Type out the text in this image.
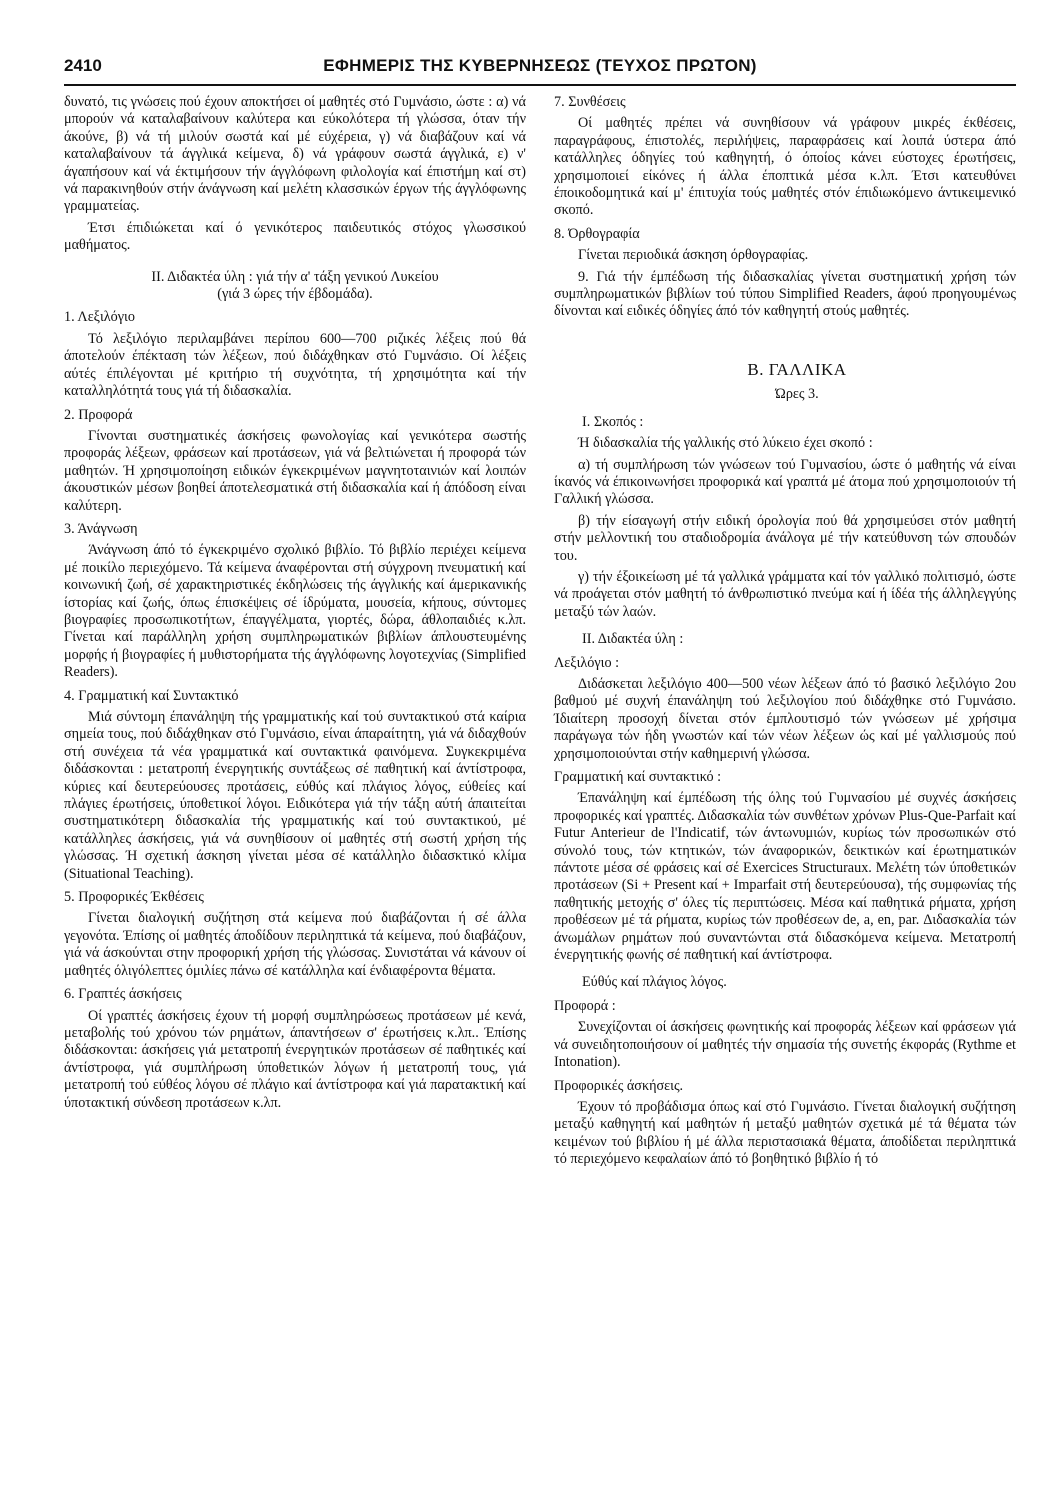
2410	ΕΦΗΜΕΡΙΣ ΤΗΣ ΚΥΒΕΡΝΗΣΕΩΣ (ΤΕΥΧΟΣ ΠΡΩΤΟΝ)

δυνατό, τις γνώσεις πού έχουν αποκτήσει οί μαθητές στό Γυμνάσιο, ώστε : α) νά μπορούν νά καταλαβαίνουν καλύτερα και εύκολότερα τή γλώσσα, όταν τήν άκούνε, β) νά τή μιλούν σωστά καί μέ εύχέρεια, γ) νά διαβάζουν καί νά καταλαβαίνουν τά άγγλικά κείμενα, δ) νά γράφουν σωστά άγγλικά, ε) ν' άγαπήσουν καί νά έκτιμήσουν τήν άγγλόφωνη φιλολογία καί έπιστήμη καί στ) νά παρακινηθούν στήν άνάγνωση καί μελέτη κλασσικών έργων τής άγγλόφωνης γραμματείας.

Έτσι έπιδιώκεται καί ό γενικότερος παιδευτικός στόχος γλωσσικού μαθήματος.

ΙΙ. Διδακτέα ύλη : γιά τήν α' τάξη γενικού Λυκείου

(γιά 3 ώρες τήν έβδομάδα).

1. Λεξιλόγιο

Τό λεξιλόγιο περιλαμβάνει περίπου 600—700 ριζικές λέξεις πού θά άποτελούν έπέκταση τών λέξεων, πού διδάχθηκαν στό Γυμνάσιο. Οί λέξεις αύτές έπιλέγονται μέ κριτήριο τή συχνότητα, τή χρησιμότητα καί τήν καταλληλότητά τους γιά τή διδασκαλία.

2. Προφορά

Γίνονται συστηματικές άσκήσεις φωνολογίας καί γενικότερα σωστής προφοράς λέξεων, φράσεων καί προτάσεων, γιά νά βελτιώνεται ή προφορά τών μαθητών. Ή χρησιμοποίηση ειδικών έγκεκριμένων μαγνητοταινιών καί λοιπών άκουστικών μέσων βοηθεί άποτελεσματικά στή διδασκαλία καί ή άπόδοση είναι καλύτερη.

3. Άνάγνωση

Άνάγνωση άπό τό έγκεκριμένο σχολικό βιβλίο. Τό βιβλίο περιέχει κείμενα μέ ποικίλο περιεχόμενο. Τά κείμενα άναφέρονται στή σύγχρονη πνευματική καί κοινωνική ζωή, σέ χαρακτηριστικές έκδηλώσεις τής άγγλικής καί άμερικανικής ίστορίας καί ζωής, όπως έπισκέψεις σέ ίδρύματα, μουσεία, κήπους, σύντομες βιογραφίες προσωπικοτήτων, έπαγγέλματα, γιορτές, δώρα, άθλοπαιδιές κ.λπ. Γίνεται καί παράλληλη χρήση συμπληρωματικών βιβλίων άπλουστευμένης μορφής ή βιογραφίες ή μυθιστορήματα τής άγγλόφωνης λογοτεχνίας (Simplified Readers).

4. Γραμματική καί Συντακτικό

Μιά σύντομη έπανάληψη τής γραμματικής καί τού συντακτικού στά καίρια σημεία τους, πού διδάχθηκαν στό Γυμνάσιο, είναι άπαραίτητη, γιά νά διδαχθούν στή συνέχεια τά νέα γραμματικά καί συντακτικά φαινόμενα. Συγκεκριμένα διδάσκονται : μετατροπή ένεργητικής συντάξεως σέ παθητική καί άντίστροφα, κύριες καί δευτερεύουσες προτάσεις, εύθύς καί πλάγιος λόγος, εύθείες καί πλάγιες έρωτήσεις, ύποθετικοί λόγοι. Ειδικότερα γιά τήν τάξη αύτή άπαιτείται συστηματικότερη διδασκαλία τής γραμματικής καί τού συντακτικού, μέ κατάλληλες άσκήσεις, γιά νά συνηθίσουν οί μαθητές στή σωστή χρήση τής γλώσσας. Ή σχετική άσκηση γίνεται μέσα σέ κατάλληλο διδασκτικό κλίμα (Situational Teaching).

5. Προφορικές Έκθέσεις

Γίνεται διαλογική συζήτηση στά κείμενα πού διαβάζονται ή σέ άλλα γεγονότα. Έπίσης οί μαθητές άποδίδουν περιληπτικά τά κείμενα, πού διαβάζουν, γιά νά άσκούνται στην προφορική χρήση τής γλώσσας. Συνιστάται νά κάνουν οί μαθητές όλιγόλεπτες όμιλίες πάνω σέ κατάλληλα καί ένδιαφέροντα θέματα.

6. Γραπτές άσκήσεις

Οί γραπτές άσκήσεις έχουν τή μορφή συμπληρώσεως προτάσεων μέ κενά, μεταβολής τού χρόνου τών ρημάτων, άπαντήσεων σ' έρωτήσεις κ.λπ.. Έπίσης διδάσκονται: άσκήσεις γιά μετατροπή ένεργητικών προτάσεων σέ παθητικές καί άντίστροφα, γιά συμπλήρωση ύποθετικών λόγων ή μετατροπή τους, γιά μετατροπή τού εύθέος λόγου σέ πλάγιο καί άντίστροφα καί γιά παρατακτική καί ύποτακτική σύνδεση προτάσεων κ.λπ.

7. Συνθέσεις

Οί μαθητές πρέπει νά συνηθίσουν νά γράφουν μικρές έκθέσεις, παραγράφους, έπιστολές, περιλήψεις, παραφράσεις καί λοιπά ύστερα άπό κατάλληλες όδηγίες τού καθηγητή, ό όποίος κάνει εύστοχες έρωτήσεις, χρησιμοποιεί είκόνες ή άλλα έποπτικά μέσα κ.λπ. Έτσι κατευθύνει έποικοδομητικά καί μ' έπιτυχία τούς μαθητές στόν έπιδιωκόμενο άντικειμενικό σκοπό.

8. Όρθογραφία

Γίνεται περιοδικά άσκηση όρθογραφίας.

9. Γιά τήν έμπέδωση τής διδασκαλίας γίνεται συστηματική χρήση τών συμπληρωματικών βιβλίων τού τύπου Simplified Readers, άφού προηγουμένως δίνονται καί ειδικές όδηγίες άπό τόν καθηγητή στούς μαθητές.

Β. ΓΑΛΛΙΚΑ

Ώρες 3.

Ι. Σκοπός :

Ή διδασκαλία τής γαλλικής στό λύκειο έχει σκοπό :

α) τή συμπλήρωση τών γνώσεων τού Γυμνασίου, ώστε ό μαθητής νά είναι ίκανός νά έπικοινωνήσει προφορικά καί γραπτά μέ άτομα πού χρησιμοποιούν τή Γαλλική γλώσσα.

β) τήν είσαγωγή στήν ειδική όρολογία πού θά χρησιμεύσει στόν μαθητή στήν μελλοντική του σταδιοδρομία άνάλογα μέ τήν κατεύθυνση τών σπουδών του.

γ) τήν έξοικείωση μέ τά γαλλικά γράμματα καί τόν γαλλικό πολιτισμό, ώστε νά προάγεται στόν μαθητή τό άνθρωπιστικό πνεύμα καί ή ίδέα τής άλληλεγγύης μεταξύ τών λαών.

ΙΙ. Διδακτέα ύλη :

Λεξιλόγιο :

Διδάσκεται λεξιλόγιο 400—500 νέων λέξεων άπό τό βασικό λεξιλόγιο 2ου βαθμού μέ συχνή έπανάληψη τού λεξιλογίου πού διδάχθηκε στό Γυμνάσιο. Ίδιαίτερη προσοχή δίνεται στόν έμπλουτισμό τών γνώσεων μέ χρήσιμα παράγωγα τών ήδη γνωστών καί τών νέων λέξεων ώς καί μέ γαλλισμούς πού χρησιμοποιούνται στήν καθημερινή γλώσσα.

Γραμματική καί συντακτικό :

Έπανάληψη καί έμπέδωση τής όλης τού Γυμνασίου μέ συχνές άσκήσεις προφορικές καί γραπτές. Διδασκαλία τών συνθέτων χρόνων Plus-Que-Parfait καί Futur Anterieur de l'Indicatif, τών άντωνυμιών, κυρίως τών προσωπικών στό σύνολό τους, τών κτητικών, τών άναφορικών, δεικτικών καί έρωτηματικών πάντοτε μέσα σέ φράσεις καί σέ Exercices Structuraux. Μελέτη τών ύποθετικών προτάσεων (Si + Present καί + Imparfait στή δευτερεύουσα), τής συμφωνίας τής παθητικής μετοχής σ' όλες τίς περιπτώσεις. Μέσα καί παθητικά ρήματα, χρήση προθέσεων μέ τά ρήματα, κυρίως τών προθέσεων de, a, en, par. Διδασκαλία τών άνωμάλων ρημάτων πού συναντώνται στά διδασκόμενα κείμενα. Μετατροπή ένεργητικής φωνής σέ παθητική καί άντίστροφα.

Εύθύς καί πλάγιος λόγος.

Προφορά :

Συνεχίζονται οί άσκήσεις φωνητικής καί προφοράς λέξεων καί φράσεων γιά νά συνειδητοποιήσουν οί μαθητές τήν σημασία τής συνετής έκφοράς (Rythme et Intonation).

Προφορικές άσκήσεις.

Έχουν τό προβάδισμα όπως καί στό Γυμνάσιο. Γίνεται διαλογική συζήτηση μεταξύ καθηγητή καί μαθητών ή μεταξύ μαθητών σχετικά μέ τά θέματα τών κειμένων τού βιβλίου ή μέ άλλα περιστασιακά θέματα, άποδίδεται περιληπτικά τό περιεχόμενο κεφαλαίων άπό τό βοηθητικό βιβλίο ή τό
